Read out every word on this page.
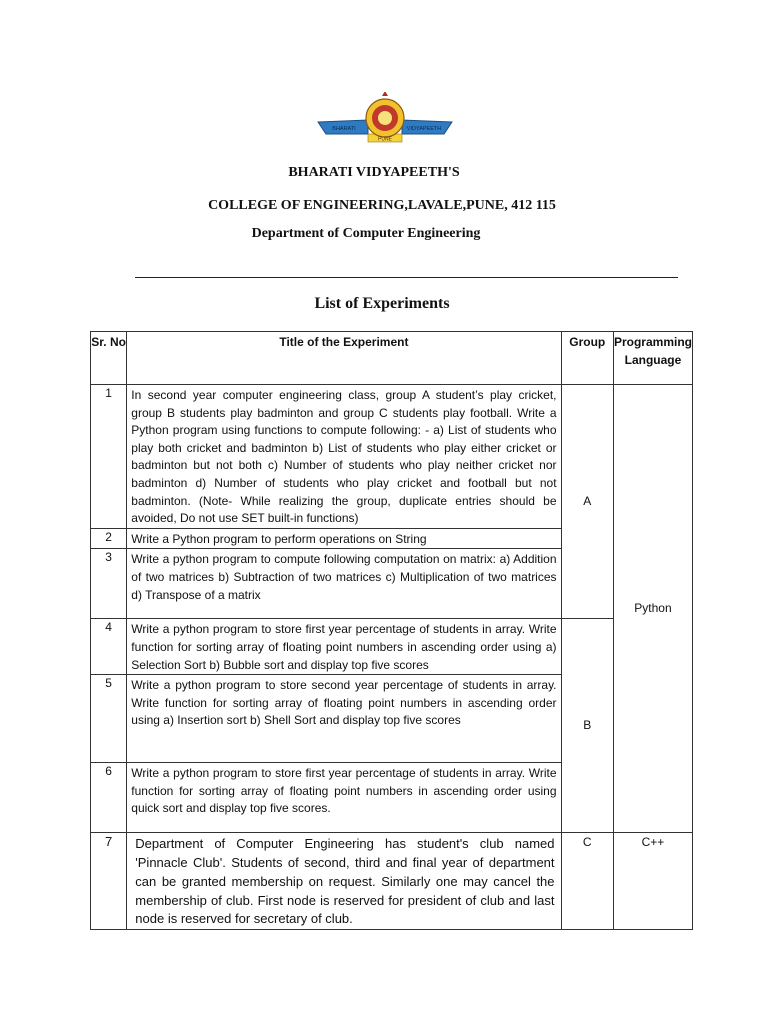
BHARATI	VIDYAPEETH
PUNE
BHARATI VIDYAPEETH'S
COLLEGE OF ENGINEERING,LAVALE,PUNE, 412 115
Department of Computer Engineering
List of Experiments
Sr. No	Title of the Experiment	Group	Programming Language
1	In second year computer engineering class, group A student’s play cricket, group B students play badminton and group C students play football. Write a Python program using functions to compute following: - a) List of students who play both cricket and badminton b) List of students who play either cricket or badminton but not both c) Number of students who play neither cricket nor badminton d) Number of students who play cricket and football but not badminton. (Note- While realizing the group, duplicate entries should be avoided, Do not use SET built-in functions)	A	Python
2	Write a Python program to perform operations on String		
3	Write a python program to compute following computation on matrix: a) Addition of two matrices b) Subtraction of two matrices c) Multiplication of two matrices d) Transpose of a matrix		
4	Write a python program to store first year percentage of students in array. Write function for sorting array of floating point numbers in ascending order using a) Selection Sort b) Bubble sort and display top five scores	B	
5	Write a python program to store second year percentage of students in array. Write function for sorting array of floating point numbers in ascending order using a) Insertion sort b) Shell Sort and display top five scores		
6	Write a python program to store first year percentage of students in array. Write function for sorting array of floating point numbers in ascending order using quick sort and display top five scores.		
7	Department of Computer Engineering has student's club named 'Pinnacle Club'. Students of second, third and final year of department can be granted membership on request. Similarly one may cancel the membership of club. First node is reserved for president of club and last node is reserved for secretary of club.	C	C++
